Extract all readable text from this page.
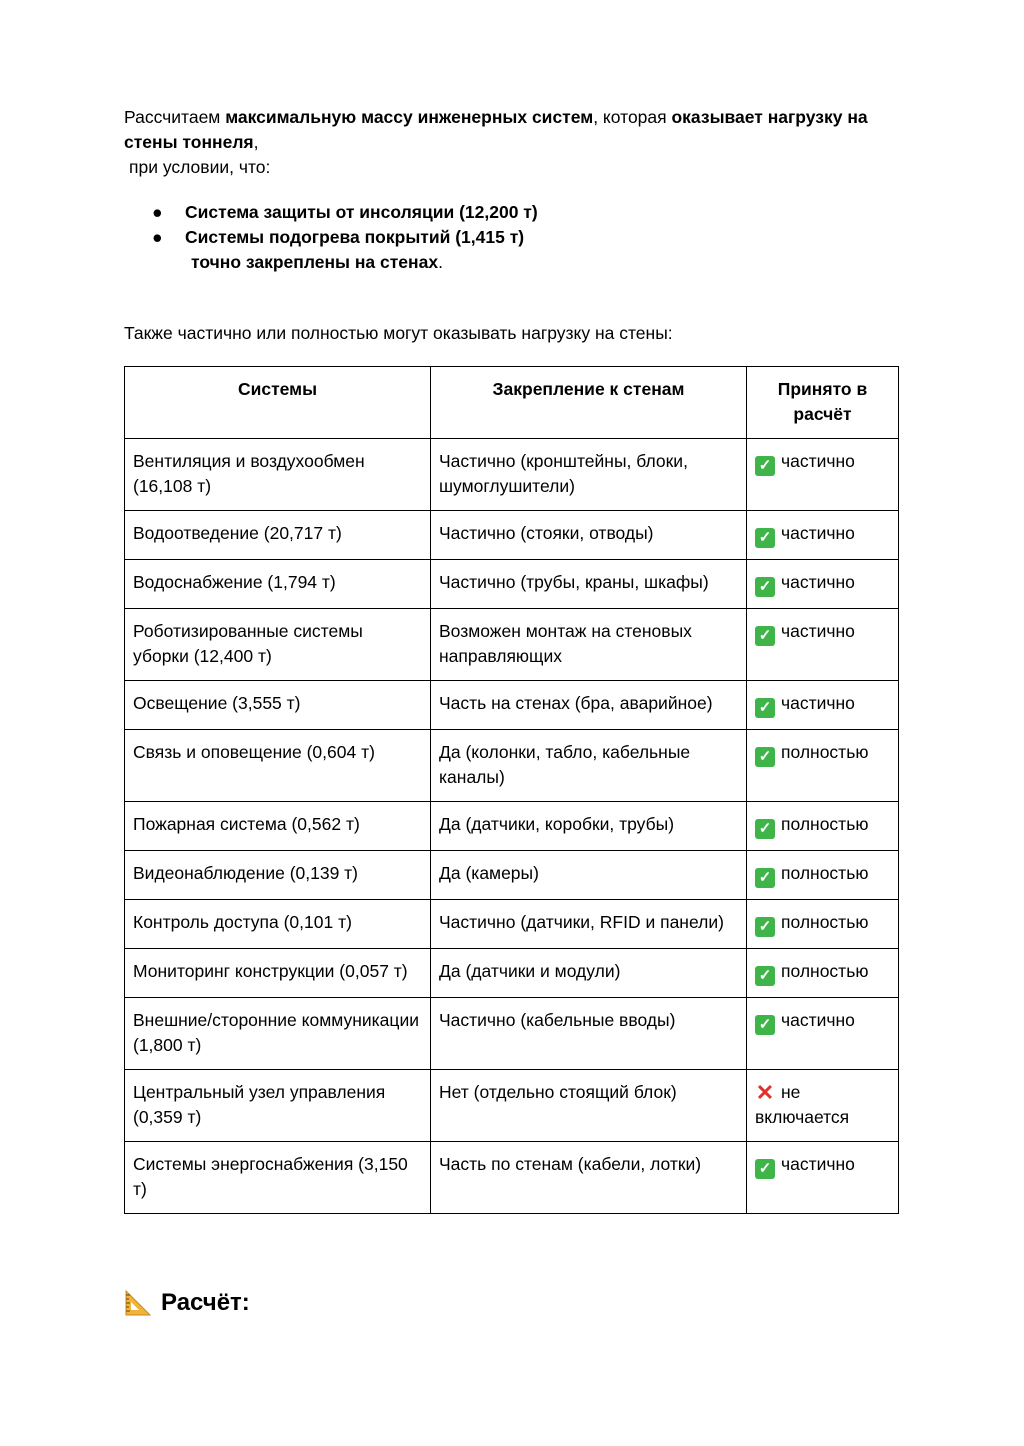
Рассчитаем максимальную массу инженерных систем, которая оказывает нагрузку на стены тоннеля,
при условии, что:
● Система защиты от инсоляции (12,200 т)
● Системы подогрева покрытий (1,415 т)
точно закреплены на стенах.
Также частично или полностью могут оказывать нагрузку на стены:
Системы	Закрепление к стенам	Принято в расчёт
Вентиляция и воздухообмен (16,108 т)	Частично (кронштейны, блоки, шумоглушители)	✓ частично
Водоотведение (20,717 т)	Частично (стояки, отводы)	✓ частично
Водоснабжение (1,794 т)	Частично (трубы, краны, шкафы)	✓ частично
Роботизированные системы уборки (12,400 т)	Возможен монтаж на стеновых направляющих	✓ частично
Освещение (3,555 т)	Часть на стенах (бра, аварийное)	✓ частично
Связь и оповещение (0,604 т)	Да (колонки, табло, кабельные каналы)	✓ полностью
Пожарная система (0,562 т)	Да (датчики, коробки, трубы)	✓ полностью
Видеонаблюдение (0,139 т)	Да (камеры)	✓ полностью
Контроль доступа (0,101 т)	Частично (датчики, RFID и панели)	✓ полностью
Мониторинг конструкции (0,057 т)	Да (датчики и модули)	✓ полностью
Внешние/сторонние коммуникации (1,800 т)	Частично (кабельные вводы)	✓ частично
Центральный узел управления (0,359 т)	Нет (отдельно стоящий блок)	✕ не включается
Системы энергоснабжения (3,150 т)	Часть по стенам (кабели, лотки)	✓ частично
Расчёт:
